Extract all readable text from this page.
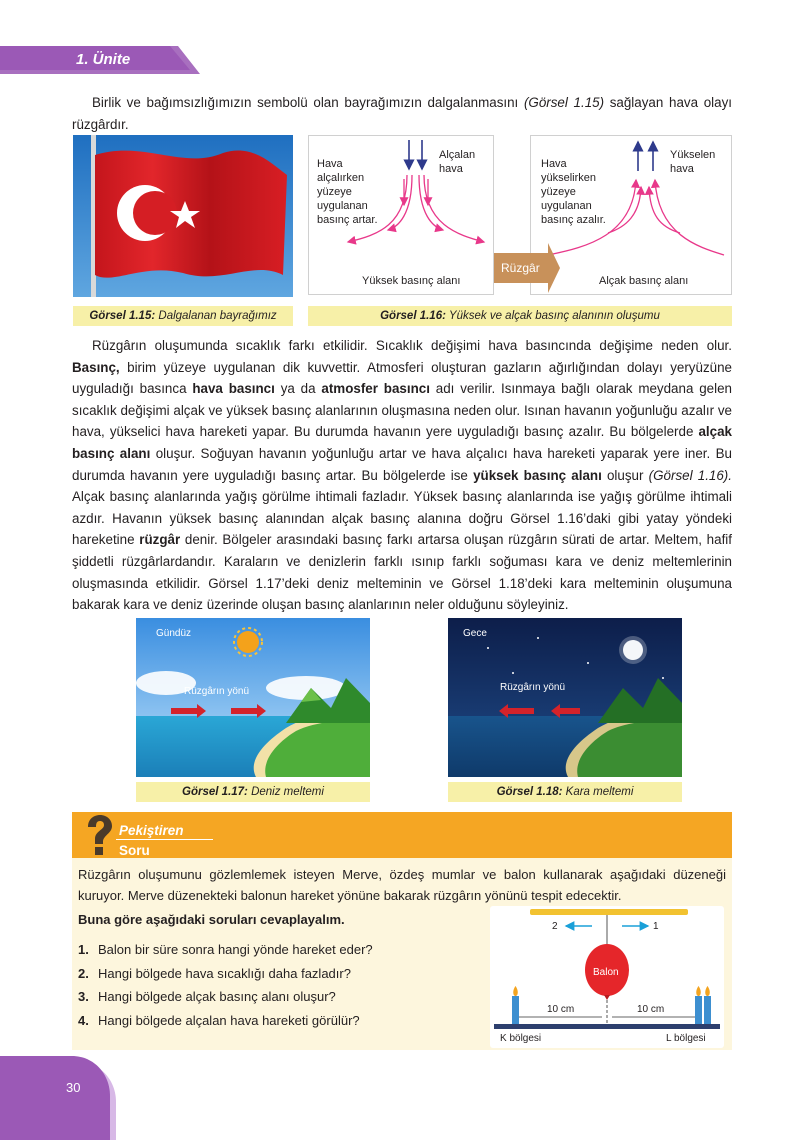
1. Ünite
Birlik ve bağımsızlığımızın sembolü olan bayrağımızın dalgalanmasını (Görsel 1.15) sağlayan hava olayı rüzgârdır.
Hava
alçalırken
yüzeye
uygulanan
basınç artar.
Alçalan
hava
Yüksek basınç alanı
Rüzgâr
Hava
yükselirken
yüzeye
uygulanan
basınç azalır.
Yükselen
hava
Alçak basınç alanı
Görsel 1.15: Dalgalanan bayrağımız	Görsel 1.16: Yüksek ve alçak basınç alanının oluşumu
Rüzgârın oluşumunda sıcaklık farkı etkilidir. Sıcaklık değişimi hava basıncında değişime neden olur. Basınç, birim yüzeye uygulanan dik kuvvettir. Atmosferi oluşturan gazların ağırlığından dolayı yeryüzüne uyguladığı basınca hava basıncı ya da atmosfer basıncı adı verilir. Isınmaya bağlı olarak meydana gelen sıcaklık değişimi alçak ve yüksek basınç alanlarının oluşmasına neden olur. Isınan havanın yoğunluğu azalır ve hava, yükselici hava hareketi yapar. Bu durumda havanın yere uyguladığı basınç azalır. Bu bölgelerde alçak basınç alanı oluşur. Soğuyan havanın yoğunluğu artar ve hava alçalıcı hava hareketi yaparak yere iner. Bu durumda havanın yere uyguladığı basınç artar. Bu bölgelerde ise yüksek basınç alanı oluşur (Görsel 1.16). Alçak basınç alanlarında yağış görülme ihtimali fazladır. Yüksek basınç alanlarında ise yağış görülme ihtimali azdır. Havanın yüksek basınç alanından alçak basınç alanına doğru Görsel 1.16’daki gibi yatay yöndeki hareketine rüzgâr denir. Bölgeler arasındaki basınç farkı artarsa oluşan rüzgârın sürati de artar. Meltem, hafif şiddetli rüzgârlardandır. Karaların ve denizlerin farklı ısınıp farklı soğuması kara ve deniz meltemlerinin oluşmasında etkilidir. Görsel 1.17’deki deniz melteminin ve Görsel 1.18’deki kara melteminin oluşumuna bakarak kara ve deniz üzerinde oluşan basınç alanlarının neler olduğunu söyleyiniz.
Gündüz
Rüzgârın yönü
Gece
Rüzgârın yönü
Görsel 1.17: Deniz meltemi	Görsel 1.18: Kara meltemi
Pekiştiren
Soru
Rüzgârın oluşumunu gözlemlemek isteyen Merve, özdeş mumlar ve balon kullanarak aşağıdaki düzeneği kuruyor. Merve düzenekteki balonun hareket yönüne bakarak rüzgârın yönünü tespit edecektir.
Buna göre aşağıdaki soruları cevaplayalım.
1. Balon bir süre sonra hangi yönde hareket eder?
2. Hangi bölgede hava sıcaklığı daha fazladır?
3. Hangi bölgede alçak basınç alanı oluşur?
4. Hangi bölgede alçalan hava hareketi görülür?
2	1
Balon
10 cm	10 cm
K bölgesi	L bölgesi
30
